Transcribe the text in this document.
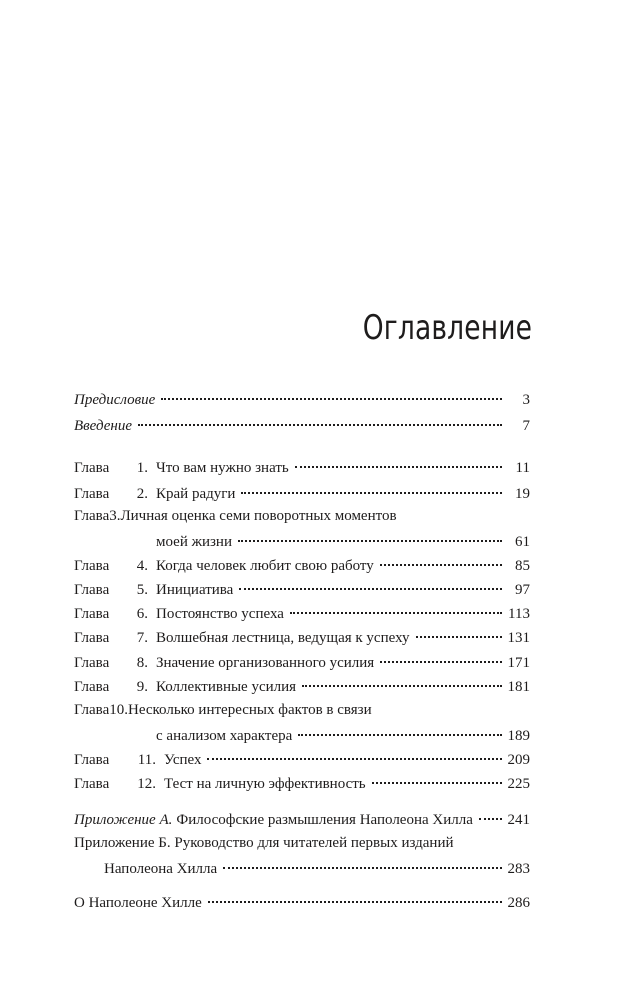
Оглавление
Предисловие	3
Введение	7
Глава	1. Что вам нужно знать	11
Глава	2. Край радуги	19
Глава3.Личная оценка семи поворотных моментов
моей жизни	61
Глава	4. Когда человек любит свою работу	85
Глава	5. Инициатива	97
Глава	6. Постоянство успеха	113
Глава	7. Волшебная лестница, ведущая к успеху	131
Глава	8. Значение организованного усилия	171
Глава	9. Коллективные усилия	181
Глава10.Несколько интересных фактов в связи
с анализом характера	189
Глава	11. Успех	209
Глава	12. Тест на личную эффективность	225
Приложение А. Философские размышления Наполеона Хилла 241
Приложение Б. Руководство для читателей первых изданий
Наполеона Хилла	283
О Наполеоне Хилле	286
